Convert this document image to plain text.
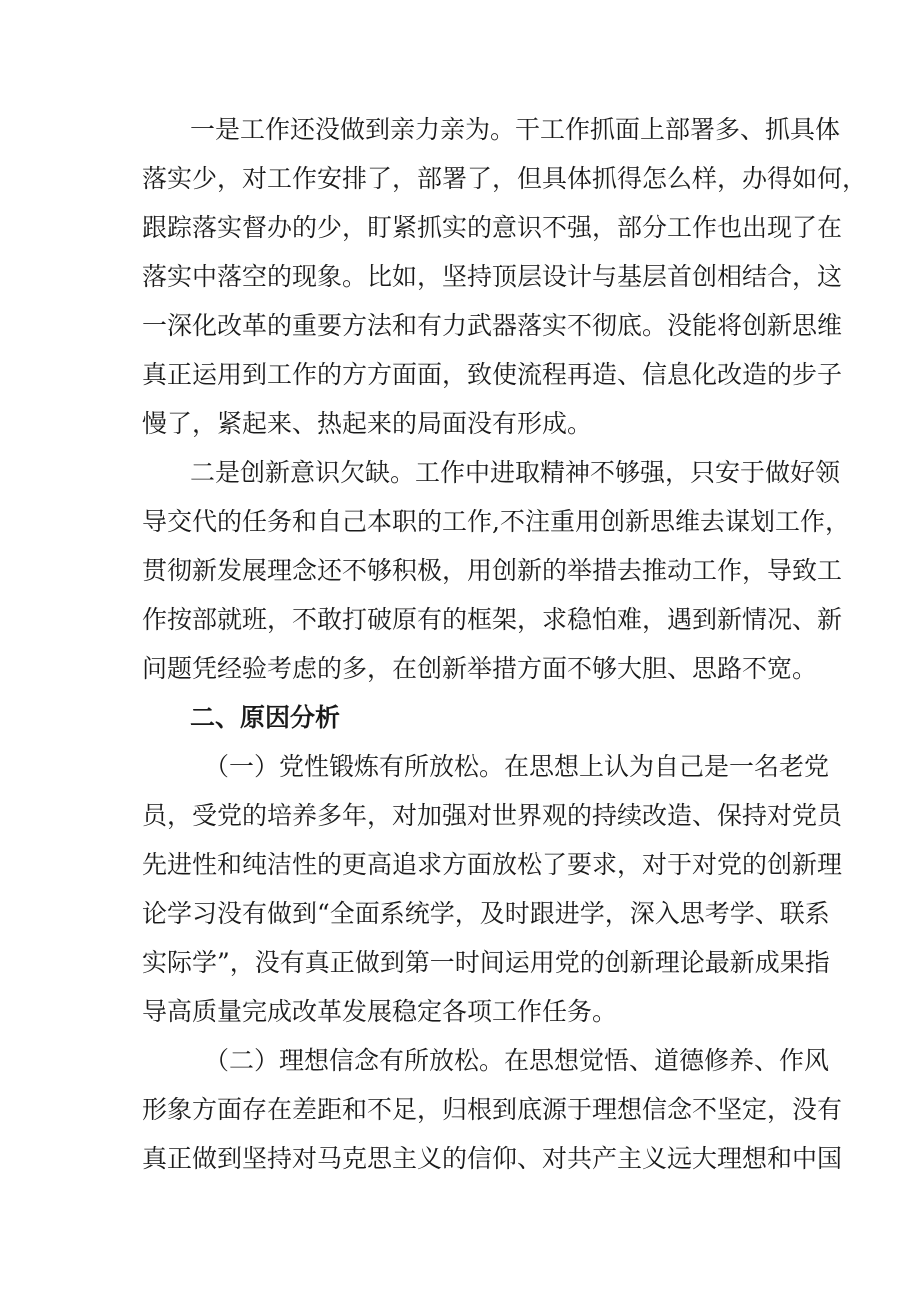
一是工作还没做到亲力亲为。干工作抓面上部署多、抓具体
落实少，对工作安排了，部署了，但具体抓得怎么样，办得如何，
跟踪落实督办的少，盯紧抓实的意识不强，部分工作也出现了在
落实中落空的现象。比如，坚持顶层设计与基层首创相结合，这
一深化改革的重要方法和有力武器落实不彻底。没能将创新思维
真正运用到工作的方方面面，致使流程再造、信息化改造的步子
慢了，紧起来、热起来的局面没有形成。
二是创新意识欠缺。工作中进取精神不够强，只安于做好领
导交代的任务和自己本职的工作,不注重用创新思维去谋划工作，
贯彻新发展理念还不够积极，用创新的举措去推动工作，导致工
作按部就班，不敢打破原有的框架，求稳怕难，遇到新情况、新
问题凭经验考虑的多，在创新举措方面不够大胆、思路不宽。
二、原因分析
（一）党性锻炼有所放松。在思想上认为自己是一名老党
员，受党的培养多年，对加强对世界观的持续改造、保持对党员
先进性和纯洁性的更高追求方面放松了要求，对于对党的创新理
论学习没有做到“全面系统学，及时跟进学，深入思考学、联系
实际学”，没有真正做到第一时间运用党的创新理论最新成果指
导高质量完成改革发展稳定各项工作任务。
（二）理想信念有所放松。在思想觉悟、道德修养、作风
形象方面存在差距和不足，归根到底源于理想信念不坚定，没有
真正做到坚持对马克思主义的信仰、对共产主义远大理想和中国
